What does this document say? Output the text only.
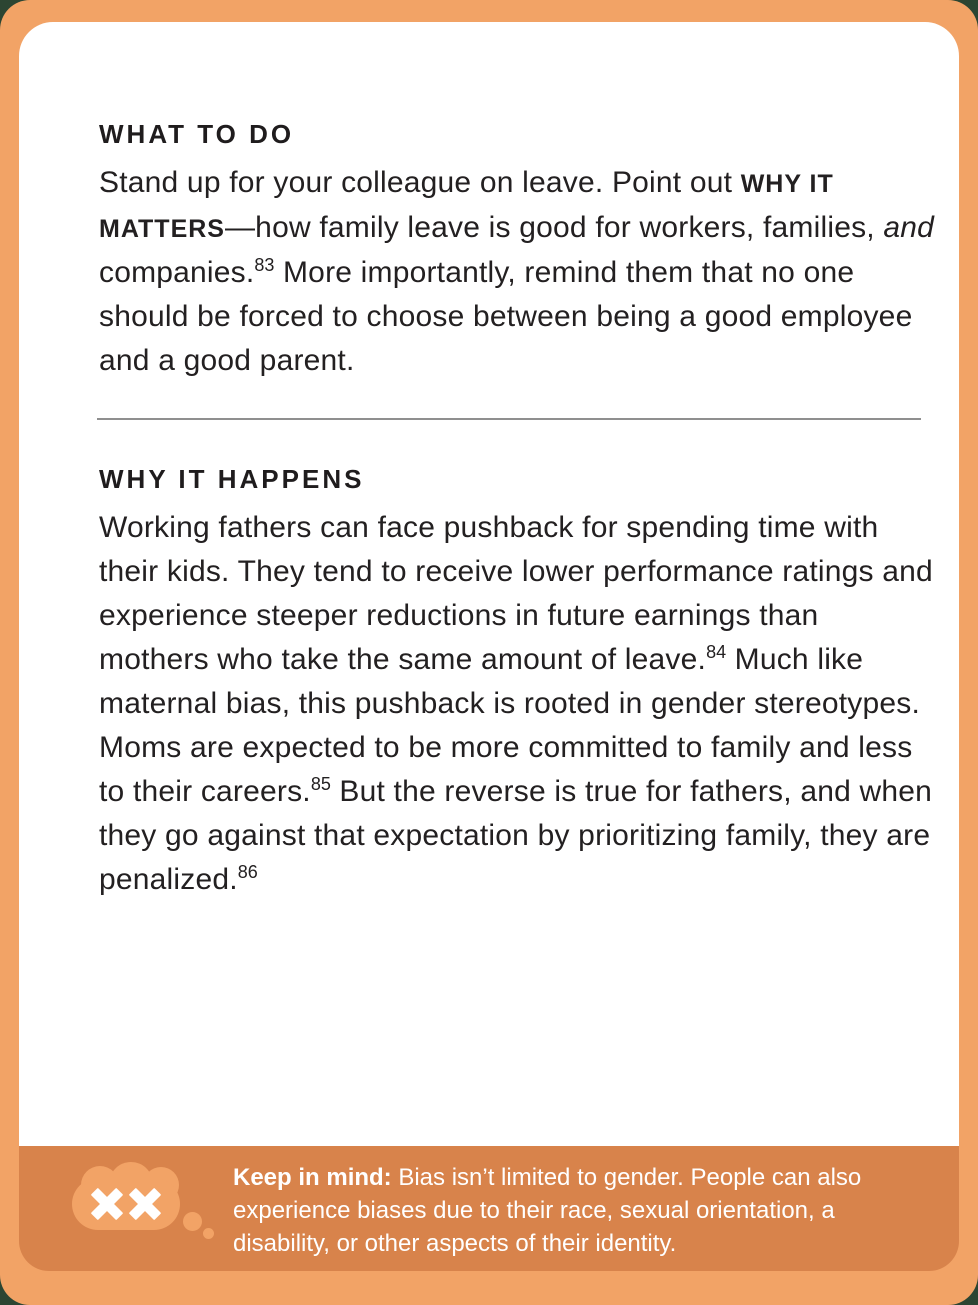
WHAT TO DO

Stand up for your colleague on leave. Point out WHY IT MATTERS—how family leave is good for workers, families, and companies.$^{83}$ More importantly, remind them that no one should be forced to choose between being a good employee and a good parent.

WHY IT HAPPENS

Working fathers can face pushback for spending time with their kids. They tend to receive lower performance ratings and experience steeper reductions in future earnings than mothers who take the same amount of leave.$^{84}$ Much like maternal bias, this pushback is rooted in gender stereotypes. Moms are expected to be more committed to family and less to their careers.$^{85}$ But the reverse is true for fathers, and when they go against that expectation by prioritizing family, they are penalized.$^{86}$

Keep in mind: Bias isn’t limited to gender. People can also experience biases due to their race, sexual orientation, a disability, or other aspects of their identity.
